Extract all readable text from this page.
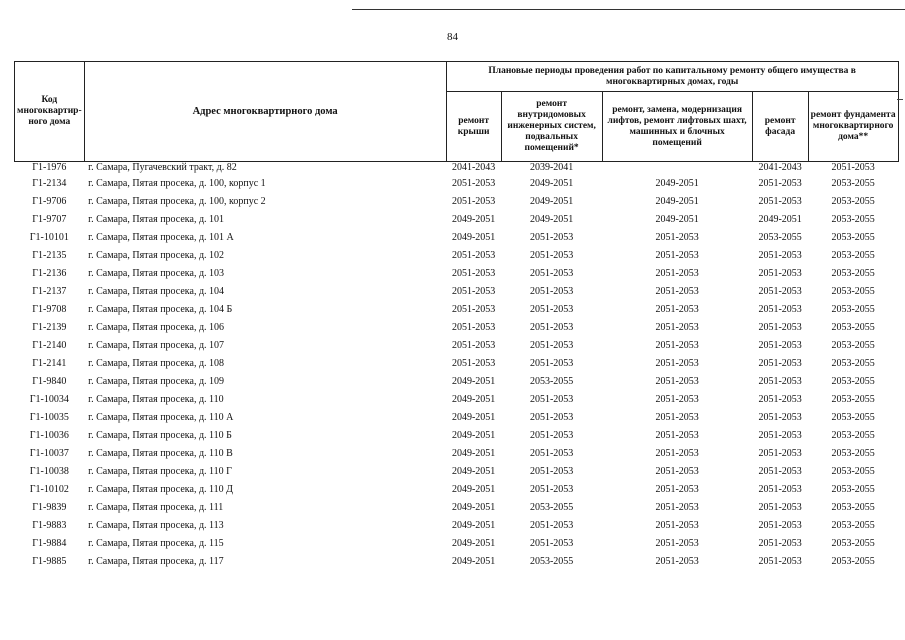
84
Код многоквартир-ного дома	Адрес многоквартирного дома	Плановые периоды проведения работ по капитальному ремонту общего имущества в многоквартирных домах, годы				
		ремонт крыши	ремонт внутридомовых инженерных систем, подвальных помещений*	ремонт, замена, модернизация лифтов, ремонт лифтовых шахт, машинных и блочных помещений	ремонт фасада	ремонт фундамента многоквартирного дома**
Г1-1976	г. Самара, Пугачевский тракт, д. 82	2041-2043	2039-2041		2041-2043	2051-2053
Г1-2134	г. Самара, Пятая просека, д. 100, корпус 1	2051-2053	2049-2051	2049-2051	2051-2053	2053-2055
Г1-9706	г. Самара, Пятая просека, д. 100, корпус 2	2051-2053	2049-2051	2049-2051	2051-2053	2053-2055
Г1-9707	г. Самара, Пятая просека, д. 101	2049-2051	2049-2051	2049-2051	2049-2051	2053-2055
Г1-10101	г. Самара, Пятая просека, д. 101 А	2049-2051	2051-2053	2051-2053	2053-2055	2053-2055
Г1-2135	г. Самара, Пятая просека, д. 102	2051-2053	2051-2053	2051-2053	2051-2053	2053-2055
Г1-2136	г. Самара, Пятая просека, д. 103	2051-2053	2051-2053	2051-2053	2051-2053	2053-2055
Г1-2137	г. Самара, Пятая просека, д. 104	2051-2053	2051-2053	2051-2053	2051-2053	2053-2055
Г1-9708	г. Самара, Пятая просека, д. 104 Б	2051-2053	2051-2053	2051-2053	2051-2053	2053-2055
Г1-2139	г. Самара, Пятая просека, д. 106	2051-2053	2051-2053	2051-2053	2051-2053	2053-2055
Г1-2140	г. Самара, Пятая просека, д. 107	2051-2053	2051-2053	2051-2053	2051-2053	2053-2055
Г1-2141	г. Самара, Пятая просека, д. 108	2051-2053	2051-2053	2051-2053	2051-2053	2053-2055
Г1-9840	г. Самара, Пятая просека, д. 109	2049-2051	2053-2055	2051-2053	2051-2053	2053-2055
Г1-10034	г. Самара, Пятая просека, д. 110	2049-2051	2051-2053	2051-2053	2051-2053	2053-2055
Г1-10035	г. Самара, Пятая просека, д. 110 А	2049-2051	2051-2053	2051-2053	2051-2053	2053-2055
Г1-10036	г. Самара, Пятая просека, д. 110 Б	2049-2051	2051-2053	2051-2053	2051-2053	2053-2055
Г1-10037	г. Самара, Пятая просека, д. 110 В	2049-2051	2051-2053	2051-2053	2051-2053	2053-2055
Г1-10038	г. Самара, Пятая просека, д. 110 Г	2049-2051	2051-2053	2051-2053	2051-2053	2053-2055
Г1-10102	г. Самара, Пятая просека, д. 110 Д	2049-2051	2051-2053	2051-2053	2051-2053	2053-2055
Г1-9839	г. Самара, Пятая просека, д. 111	2049-2051	2053-2055	2051-2053	2051-2053	2053-2055
Г1-9883	г. Самара, Пятая просека, д. 113	2049-2051	2051-2053	2051-2053	2051-2053	2053-2055
Г1-9884	г. Самара, Пятая просека, д. 115	2049-2051	2051-2053	2051-2053	2051-2053	2053-2055
Г1-9885	г. Самара, Пятая просека, д. 117	2049-2051	2053-2055	2051-2053	2051-2053	2053-2055
